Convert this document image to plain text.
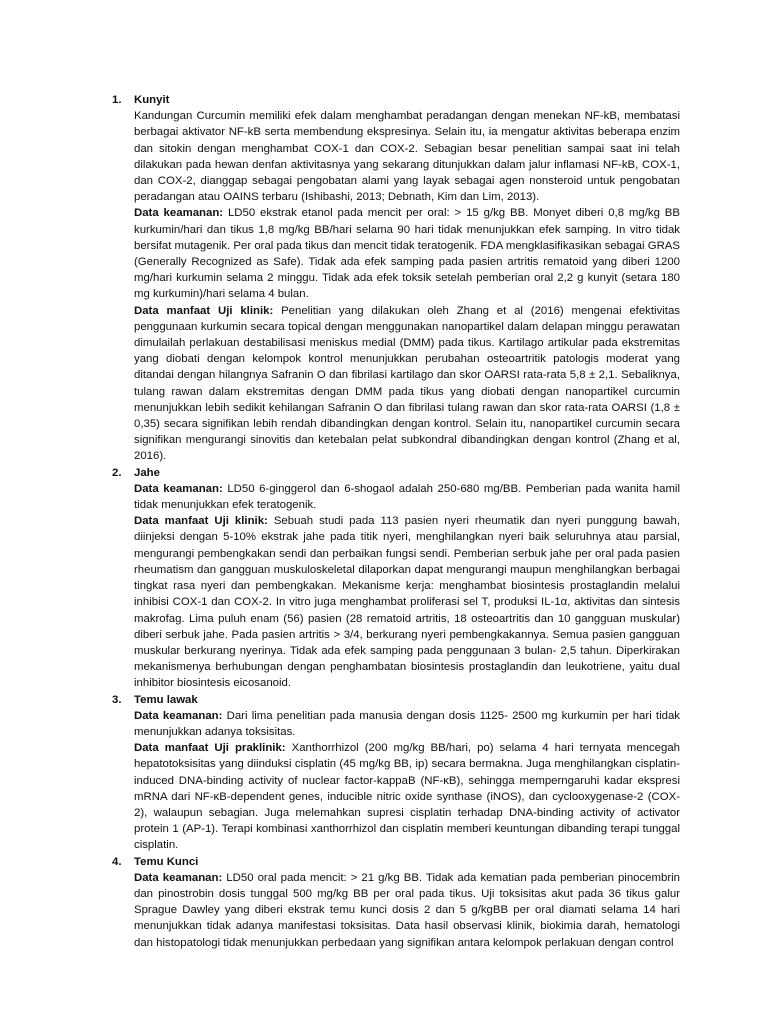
1. Kunyit
Kandungan Curcumin memiliki efek dalam menghambat peradangan dengan menekan NF-kB, membatasi berbagai aktivator NF-kB serta membendung ekspresinya. Selain itu, ia mengatur aktivitas beberapa enzim dan sitokin dengan menghambat COX-1 dan COX-2. Sebagian besar penelitian sampai saat ini telah dilakukan pada hewan denfan aktivitasnya yang sekarang ditunjukkan dalam jalur inflamasi NF-kB, COX-1, dan COX-2, dianggap sebagai pengobatan alami yang layak sebagai agen nonsteroid untuk pengobatan peradangan atau OAINS terbaru (Ishibashi, 2013; Debnath, Kim dan Lim, 2013).
Data keamanan: LD50 ekstrak etanol pada mencit per oral: > 15 g/kg BB. Monyet diberi 0,8 mg/kg BB kurkumin/hari dan tikus 1,8 mg/kg BB/hari selama 90 hari tidak menunjukkan efek samping. In vitro tidak bersifat mutagenik. Per oral pada tikus dan mencit tidak teratogenik. FDA mengklasifikasikan sebagai GRAS (Generally Recognized as Safe). Tidak ada efek samping pada pasien artritis rematoid yang diberi 1200 mg/hari kurkumin selama 2 minggu. Tidak ada efek toksik setelah pemberian oral 2,2 g kunyit (setara 180 mg kurkumin)/hari selama 4 bulan.
Data manfaat Uji klinik: Penelitian yang dilakukan oleh Zhang et al (2016) mengenai efektivitas penggunaan kurkumin secara topical dengan menggunakan nanopartikel dalam delapan minggu perawatan dimulailah perlakuan destabilisasi meniskus medial (DMM) pada tikus. Kartilago artikular pada ekstremitas yang diobati dengan kelompok kontrol menunjukkan perubahan osteoartritik patologis moderat yang ditandai dengan hilangnya Safranin O dan fibrilasi kartilago dan skor OARSI rata-rata 5,8 ± 2,1. Sebaliknya, tulang rawan dalam ekstremitas dengan DMM pada tikus yang diobati dengan nanopartikel curcumin menunjukkan lebih sedikit kehilangan Safranin O dan fibrilasi tulang rawan dan skor rata-rata OARSI (1,8 ± 0,35) secara signifikan lebih rendah dibandingkan dengan kontrol. Selain itu, nanopartikel curcumin secara signifikan mengurangi sinovitis dan ketebalan pelat subkondral dibandingkan dengan kontrol (Zhang et al, 2016).
2. Jahe
Data keamanan: LD50 6-ginggerol dan 6-shogaol adalah 250-680 mg/BB. Pemberian pada wanita hamil tidak menunjukkan efek teratogenik.
Data manfaat Uji klinik: Sebuah studi pada 113 pasien nyeri rheumatik dan nyeri punggung bawah, diinjeksi dengan 5-10% ekstrak jahe pada titik nyeri, menghilangkan nyeri baik seluruhnya atau parsial, mengurangi pembengkakan sendi dan perbaikan fungsi sendi. Pemberian serbuk jahe per oral pada pasien rheumatism dan gangguan muskuloskeletal dilaporkan dapat mengurangi maupun menghilangkan berbagai tingkat rasa nyeri dan pembengkakan. Mekanisme kerja: menghambat biosintesis prostaglandin melalui inhibisi COX-1 dan COX-2. In vitro juga menghambat proliferasi sel T, produksi IL-1α, aktivitas dan sintesis makrofag. Lima puluh enam (56) pasien (28 rematoid artritis, 18 osteoartritis dan 10 gangguan muskular) diberi serbuk jahe. Pada pasien artritis > 3/4, berkurang nyeri pembengkakannya. Semua pasien gangguan muskular berkurang nyerinya. Tidak ada efek samping pada penggunaan 3 bulan- 2,5 tahun. Diperkirakan mekanismenya berhubungan dengan penghambatan biosintesis prostaglandin dan leukotriene, yaitu dual inhibitor biosintesis eicosanoid.
3. Temu lawak
Data keamanan: Dari lima penelitian pada manusia dengan dosis 1125- 2500 mg kurkumin per hari tidak menunjukkan adanya toksisitas.
Data manfaat Uji praklinik: Xanthorrhizol (200 mg/kg BB/hari, po) selama 4 hari ternyata mencegah hepatotoksisitas yang diinduksi cisplatin (45 mg/kg BB, ip) secara bermakna. Juga menghilangkan cisplatin-induced DNA-binding activity of nuclear factor-kappaB (NF-κB), sehingga memperngaruhi kadar ekspresi mRNA dari NF-κB-dependent genes, inducible nitric oxide synthase (iNOS), dan cyclooxygenase-2 (COX-2), walaupun sebagian. Juga melemahkan supresi cisplatin terhadap DNA-binding activity of activator protein 1 (AP-1). Terapi kombinasi xanthorrhizol dan cisplatin memberi keuntungan dibanding terapi tunggal cisplatin.
4. Temu Kunci
Data keamanan: LD50 oral pada mencit: > 21 g/kg BB. Tidak ada kematian pada pemberian pinocembrin dan pinostrobin dosis tunggal 500 mg/kg BB per oral pada tikus. Uji toksisitas akut pada 36 tikus galur Sprague Dawley yang diberi ekstrak temu kunci dosis 2 dan 5 g/kgBB per oral diamati selama 14 hari menunjukkan tidak adanya manifestasi toksisitas. Data hasil observasi klinik, biokimia darah, hematologi dan histopatologi tidak menunjukkan perbedaan yang signifikan antara kelompok perlakuan dengan control
